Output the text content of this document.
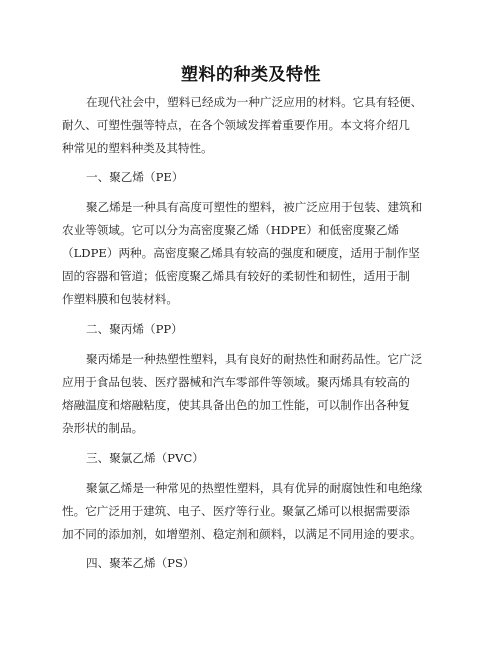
塑料的种类及特性
在现代社会中，塑料已经成为一种广泛应用的材料。它具有轻便、
耐久、可塑性强等特点，在各个领域发挥着重要作用。本文将介绍几
种常见的塑料种类及其特性。
一、聚乙烯（PE）
聚乙烯是一种具有高度可塑性的塑料，被广泛应用于包装、建筑和
农业等领域。它可以分为高密度聚乙烯（HDPE）和低密度聚乙烯
（LDPE）两种。高密度聚乙烯具有较高的强度和硬度，适用于制作坚
固的容器和管道；低密度聚乙烯具有较好的柔韧性和韧性，适用于制
作塑料膜和包装材料。
二、聚丙烯（PP）
聚丙烯是一种热塑性塑料，具有良好的耐热性和耐药品性。它广泛
应用于食品包装、医疗器械和汽车零部件等领域。聚丙烯具有较高的
熔融温度和熔融粘度，使其具备出色的加工性能，可以制作出各种复
杂形状的制品。
三、聚氯乙烯（PVC）
聚氯乙烯是一种常见的热塑性塑料，具有优异的耐腐蚀性和电绝缘
性。它广泛用于建筑、电子、医疗等行业。聚氯乙烯可以根据需要添
加不同的添加剂，如增塑剂、稳定剂和颜料，以满足不同用途的要求。
四、聚苯乙烯（PS）
